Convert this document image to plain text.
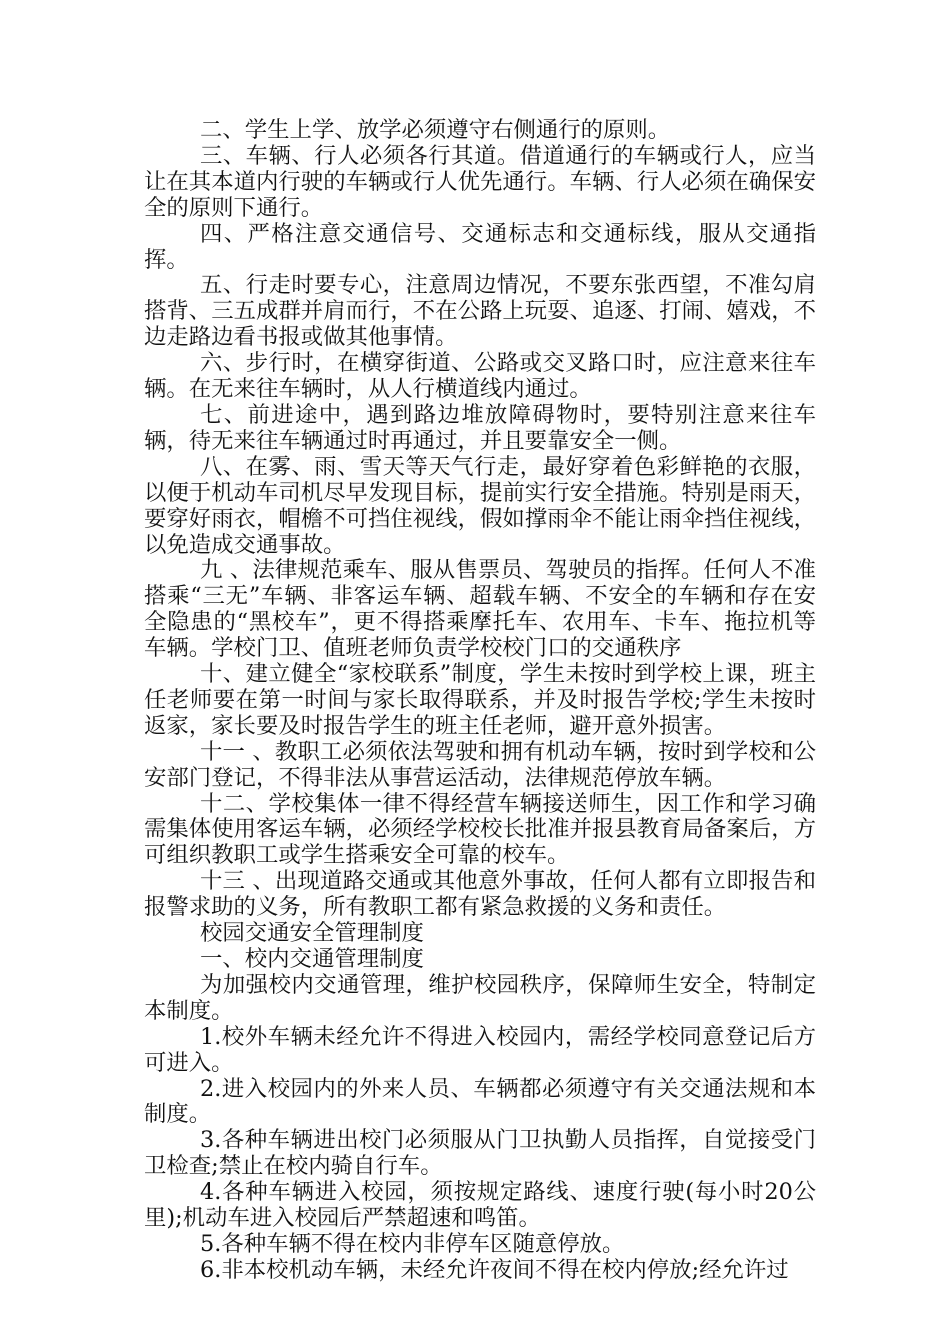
二、学生上学、放学必须遵守右侧通行的原则。

三、车辆、行人必须各行其道。借道通行的车辆或行人，应当让在其本道内行驶的车辆或行人优先通行。车辆、行人必须在确保安全的原则下通行。

四、严格注意交通信号、交通标志和交通标线，服从交通指挥。

五、行走时要专心，注意周边情况，不要东张西望，不准勾肩搭背、三五成群并肩而行，不在公路上玩耍、追逐、打闹、嬉戏，不边走路边看书报或做其他事情。

六、步行时，在横穿街道、公路或交叉路口时，应注意来往车辆。在无来往车辆时，从人行横道线内通过。

七、前进途中，遇到路边堆放障碍物时，要特别注意来往车辆，待无来往车辆通过时再通过，并且要靠安全一侧。

八、在雾、雨、雪天等天气行走，最好穿着色彩鲜艳的衣服，以便于机动车司机尽早发现目标，提前实行安全措施。特别是雨天，要穿好雨衣，帽檐不可挡住视线，假如撑雨伞不能让雨伞挡住视线，以免造成交通事故。

九 、法律规范乘车、服从售票员、驾驶员的指挥。任何人不准搭乘“三无”车辆、非客运车辆、超载车辆、不安全的车辆和存在安全隐患的“黑校车”，更不得搭乘摩托车、农用车、卡车、拖拉机等车辆。学校门卫、值班老师负责学校校门口的交通秩序

十、建立健全“家校联系”制度，学生未按时到学校上课，班主任老师要在第一时间与家长取得联系，并及时报告学校;学生未按时返家，家长要及时报告学生的班主任老师，避开意外损害。

十一 、教职工必须依法驾驶和拥有机动车辆，按时到学校和公安部门登记，不得非法从事营运活动，法律规范停放车辆。

十二、学校集体一律不得经营车辆接送师生，因工作和学习确需集体使用客运车辆，必须经学校校长批准并报县教育局备案后，方可组织教职工或学生搭乘安全可靠的校车。

十三 、出现道路交通或其他意外事故，任何人都有立即报告和报警求助的义务，所有教职工都有紧急救援的义务和责任。

校园交通安全管理制度

一、校内交通管理制度

为加强校内交通管理，维护校园秩序，保障师生安全，特制定本制度。

1.校外车辆未经允许不得进入校园内，需经学校同意登记后方可进入。

2.进入校园内的外来人员、车辆都必须遵守有关交通法规和本制度。

3.各种车辆进出校门必须服从门卫执勤人员指挥，自觉接受门卫检查;禁止在校内骑自行车。

4.各种车辆进入校园，须按规定路线、速度行驶(每小时20公里);机动车进入校园后严禁超速和鸣笛。

5.各种车辆不得在校内非停车区随意停放。

6.非本校机动车辆，未经允许夜间不得在校内停放;经允许过
